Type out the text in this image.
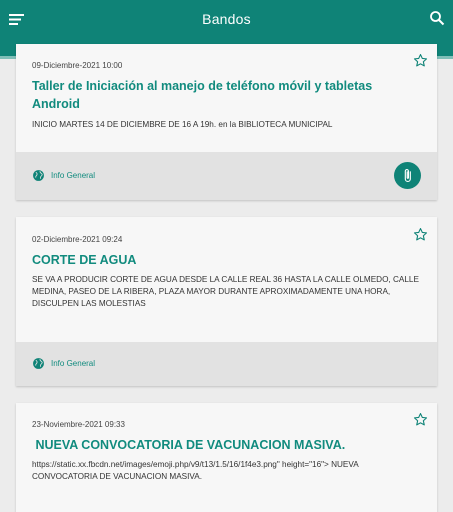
Bandos
09-Diciembre-2021 10:00
Taller de Iniciación al manejo de teléfono móvil y tabletas Android
INICIO MARTES 14 DE DICIEMBRE DE 16 A 19h. en la BIBLIOTECA MUNICIPAL
Info General
02-Diciembre-2021 09:24
CORTE DE AGUA
SE VA A PRODUCIR CORTE DE AGUA DESDE LA CALLE REAL 36 HASTA LA CALLE OLMEDO, CALLE MEDINA, PASEO DE LA RIBERA, PLAZA MAYOR DURANTE APROXIMADAMENTE UNA HORA, DISCULPEN LAS MOLESTIAS
Info General
23-Noviembre-2021 09:33
NUEVA CONVOCATORIA DE VACUNACION MASIVA.
https://static.xx.fbcdn.net/images/emoji.php/v9/t13/1.5/16/1f4e3.png" height="16"> NUEVA CONVOCATORIA DE VACUNACION MASIVA.
